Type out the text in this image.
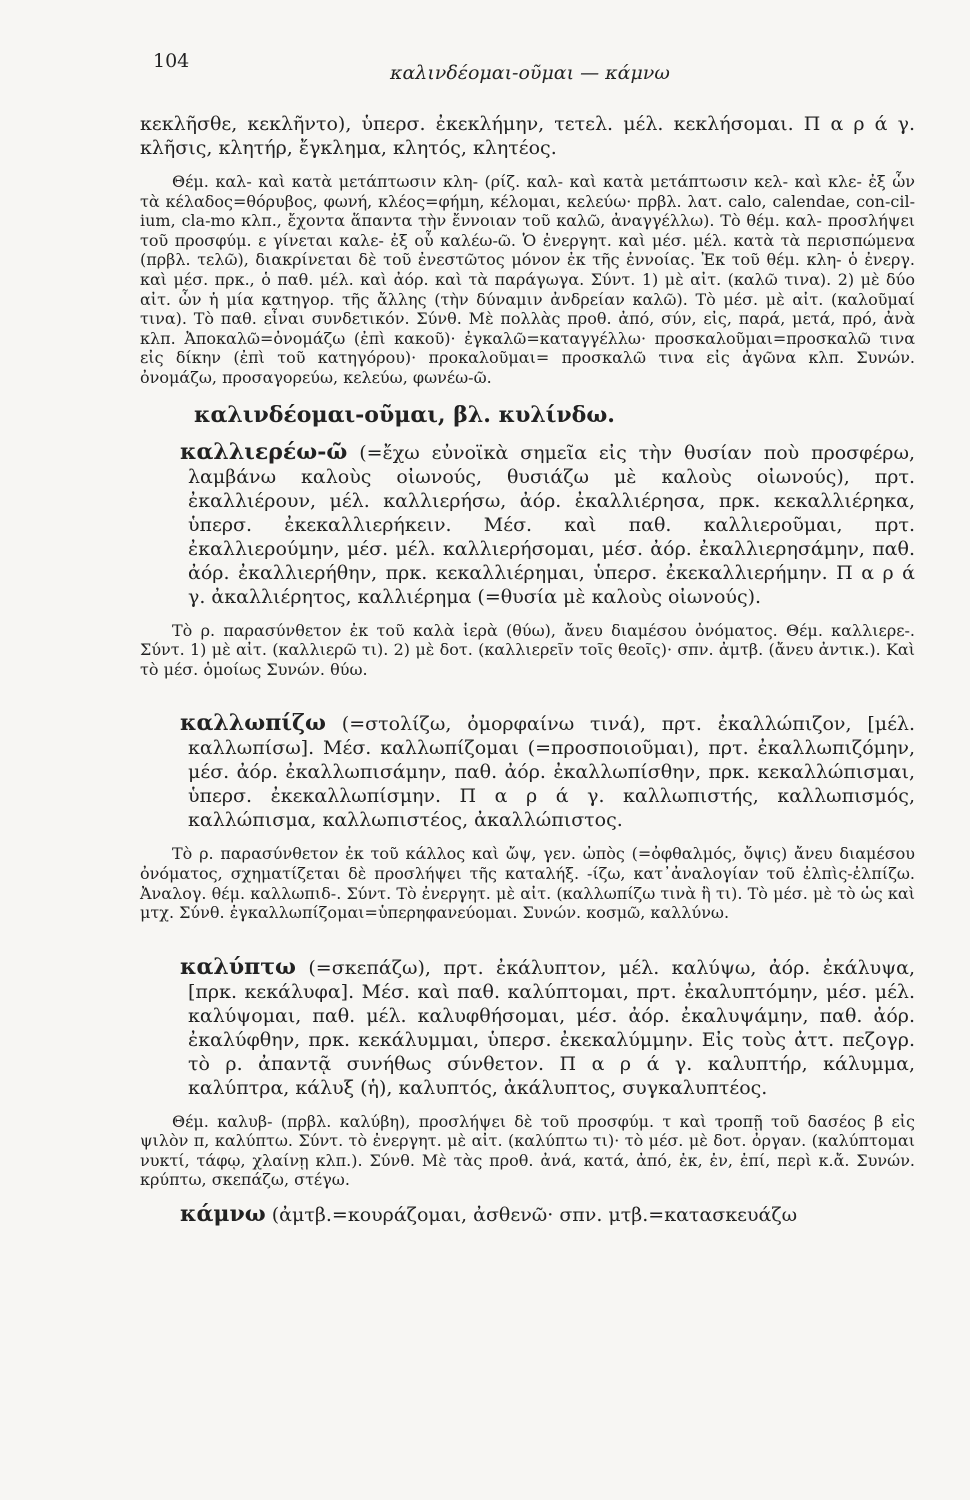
104
καλινδέομαι-οῦμαι — κάμνω

κεκλῆσθε, κεκλῆντο), ὑπερσ. ἐκεκλήμην, τετελ. μέλ. κεκλήσομαι. Π α ρ ά γ. κλῆσις, κλητήρ, ἔγκλημα, κλητός, κλητέος.

Θέμ. καλ- καὶ κατὰ μετάπτωσιν κλη- (ρίζ. καλ- καὶ κατὰ μετάπτωσιν κελ- καὶ κλε- ἐξ ὧν τὰ κέλαδος=θόρυβος, φωνή, κλέος=φήμη, κέλομαι, κελεύω· πρβλ. λατ. calo, calendae, con-cil-ium, cla-mo κλπ., ἔχοντα ἅπαντα τὴν ἔννοιαν τοῦ καλῶ, ἀναγγέλλω). Τὸ θέμ. καλ- προσλήψει τοῦ προσφύμ. ε γίνεται καλε- ἐξ οὗ καλέω-ῶ. Ὁ ἐνεργητ. καὶ μέσ. μέλ. κατὰ τὰ περισπώμενα (πρβλ. τελῶ), διακρίνεται δὲ τοῦ ἐνεστῶτος μόνον ἐκ τῆς ἐννοίας. Ἐκ τοῦ θέμ. κλη- ὁ ἐνεργ. καὶ μέσ. πρκ., ὁ παθ. μέλ. καὶ ἀόρ. καὶ τὰ παράγωγα. Σύντ. 1) μὲ αἰτ. (καλῶ τινα). 2) μὲ δύο αἰτ. ὧν ἡ μία κατηγορ. τῆς ἄλλης (τὴν δύναμιν ἀνδρείαν καλῶ). Τὸ μέσ. μὲ αἰτ. (καλοῦμαί τινα). Τὸ παθ. εἶναι συνδετικόν. Σύνθ. Μὲ πολλὰς προθ. ἀπό, σύν, εἰς, παρά, μετά, πρό, ἀνὰ κλπ. Ἀποκαλῶ=ὀνομάζω (ἐπὶ κακοῦ)· ἐγκαλῶ=καταγγέλλω· προσκαλοῦμαι=προσκαλῶ τινα εἰς δίκην (ἐπὶ τοῦ κατηγόρου)· προκαλοῦμαι= προσκαλῶ τινα εἰς ἀγῶνα κλπ. Συνών. ὀνομάζω, προσαγορεύω, κελεύω, φωνέω-ῶ.

καλινδέομαι-οῦμαι, βλ. κυλίνδω.

καλλιερέω-ῶ (=ἔχω εὐνοϊκὰ σημεῖα εἰς τὴν θυσίαν ποὺ προσφέρω, λαμβάνω καλοὺς οἰωνούς, θυσιάζω μὲ καλοὺς οἰωνούς), πρτ. ἐκαλλιέρουν, μέλ. καλλιερήσω, ἀόρ. ἐκαλλιέρησα, πρκ. κεκαλλιέρηκα, ὑπερσ. ἐκεκαλλιερήκειν. Μέσ. καὶ παθ. καλλιεροῦμαι, πρτ. ἐκαλλιερούμην, μέσ. μέλ. καλλιερήσομαι, μέσ. ἀόρ. ἐκαλλιερησάμην, παθ. ἀόρ. ἐκαλλιερήθην, πρκ. κεκαλλιέρημαι, ὑπερσ. ἐκεκαλλιερήμην. Π α ρ ά γ. ἀκαλλιέρητος, καλλιέρημα (=θυσία μὲ καλοὺς οἰωνούς).

Τὸ ρ. παρασύνθετον ἐκ τοῦ καλὰ ἱερὰ (θύω), ἄνευ διαμέσου ὀνόματος. Θέμ. καλλιερε-. Σύντ. 1) μὲ αἰτ. (καλλιερῶ τι). 2) μὲ δοτ. (καλλιερεῖν τοῖς θεοῖς)· σπν. ἀμτβ. (ἄνευ ἀντικ.). Καὶ τὸ μέσ. ὁμοίως Συνών. θύω.

καλλωπίζω (=στολίζω, ὀμορφαίνω τινά), πρτ. ἐκαλλώπιζον, [μέλ. καλλωπίσω]. Μέσ. καλλωπίζομαι (=προσποιοῦμαι), πρτ. ἐκαλλωπιζόμην, μέσ. ἀόρ. ἐκαλλωπισάμην, παθ. ἀόρ. ἐκαλλωπίσθην, πρκ. κεκαλλώπισμαι, ὑπερσ. ἐκεκαλλωπίσμην. Π α ρ ά γ. καλλωπιστής, καλλωπισμός, καλλώπισμα, καλλωπιστέος, ἀκαλλώπιστος.

Τὸ ρ. παρασύνθετον ἐκ τοῦ κάλλος καὶ ὤψ, γεν. ὠπὸς (=ὀφθαλμός, ὄψις) ἄνευ διαμέσου ὀνόματος, σχηματίζεται δὲ προσλήψει τῆς καταλήξ. -ίζω, κατ᾽ἀναλογίαν τοῦ ἐλπὶς-ἐλπίζω. Ἀναλογ. θέμ. καλλωπιδ-. Σύντ. Τὸ ἐνεργητ. μὲ αἰτ. (καλλωπίζω τινὰ ἢ τι). Τὸ μέσ. μὲ τὸ ὡς καὶ μτχ. Σύνθ. ἐγκαλλωπίζομαι=ὑπερηφανεύομαι. Συνών. κοσμῶ, καλλύνω.

καλύπτω (=σκεπάζω), πρτ. ἐκάλυπτον, μέλ. καλύψω, ἀόρ. ἐκάλυψα, [πρκ. κεκάλυφα]. Μέσ. καὶ παθ. καλύπτομαι, πρτ. ἐκαλυπτόμην, μέσ. μέλ. καλύψομαι, παθ. μέλ. καλυφθήσομαι, μέσ. ἀόρ. ἐκαλυψάμην, παθ. ἀόρ. ἐκαλύφθην, πρκ. κεκάλυμμαι, ὑπερσ. ἐκεκαλύμμην. Εἰς τοὺς ἀττ. πεζογρ. τὸ ρ. ἀπαντᾷ συνήθως σύνθετον. Π α ρ ά γ. καλυπτήρ, κάλυμμα, καλύπτρα, κάλυξ (ἡ), καλυπτός, ἀκάλυπτος, συγκαλυπτέος.

Θέμ. καλυβ- (πρβλ. καλύβη), προσλήψει δὲ τοῦ προσφύμ. τ καὶ τροπῇ τοῦ δασέος β εἰς ψιλὸν π, καλύπτω. Σύντ. τὸ ἐνεργητ. μὲ αἰτ. (καλύπτω τι)· τὸ μέσ. μὲ δοτ. ὀργαν. (καλύπτομαι νυκτί, τάφῳ, χλαίνῃ κλπ.). Σύνθ. Μὲ τὰς προθ. ἀνά, κατά, ἀπό, ἐκ, ἐν, ἐπί, περὶ κ.ἄ. Συνών. κρύπτω, σκεπάζω, στέγω.

κάμνω (ἀμτβ.=κουράζομαι, ἀσθενῶ· σπν. μτβ.=κατασκευάζω
